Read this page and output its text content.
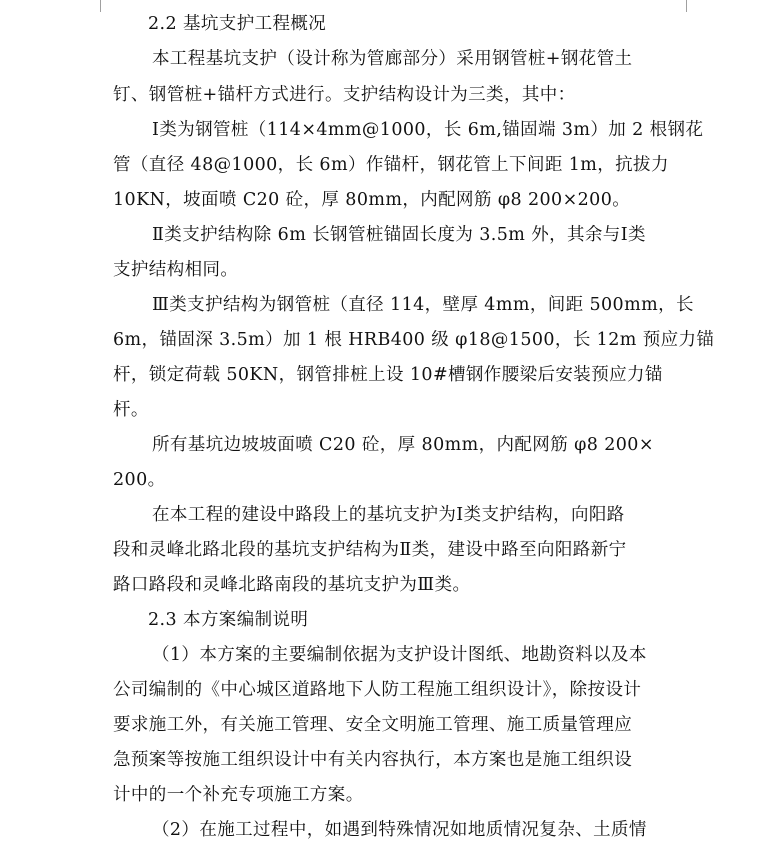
2.2 基坑支护工程概况
本工程基坑支护（设计称为管廊部分）采用钢管桩+钢花管土
钉、钢管桩+锚杆方式进行。支护结构设计为三类，其中：
Ⅰ类为钢管桩（114×4mm@1000，长 6m,锚固端 3m）加 2 根钢花
管（直径 48@1000，长 6m）作锚杆，钢花管上下间距 1m，抗拔力
10KN，坡面喷 C20 砼，厚 80mm，内配网筋 φ8 200×200。
Ⅱ类支护结构除 6m 长钢管桩锚固长度为 3.5m 外，其余与Ⅰ类
支护结构相同。
Ⅲ类支护结构为钢管桩（直径 114，壁厚 4mm，间距 500mm，长
6m，锚固深 3.5m）加 1 根 HRB400 级 φ18@1500，长 12m 预应力锚
杆，锁定荷载 50KN，钢管排桩上设 10#槽钢作腰梁后安装预应力锚
杆。
所有基坑边坡坡面喷 C20 砼，厚 80mm，内配网筋 φ8 200×
200。
在本工程的建设中路段上的基坑支护为Ⅰ类支护结构，向阳路
段和灵峰北路北段的基坑支护结构为Ⅱ类，建设中路至向阳路新宁
路口路段和灵峰北路南段的基坑支护为Ⅲ类。
2.3 本方案编制说明
（1）本方案的主要编制依据为支护设计图纸、地勘资料以及本
公司编制的《中心城区道路地下人防工程施工组织设计》，除按设计
要求施工外，有关施工管理、安全文明施工管理、施工质量管理应
急预案等按施工组织设计中有关内容执行，本方案也是施工组织设
计中的一个补充专项施工方案。
（2）在施工过程中，如遇到特殊情况如地质情况复杂、土质情
